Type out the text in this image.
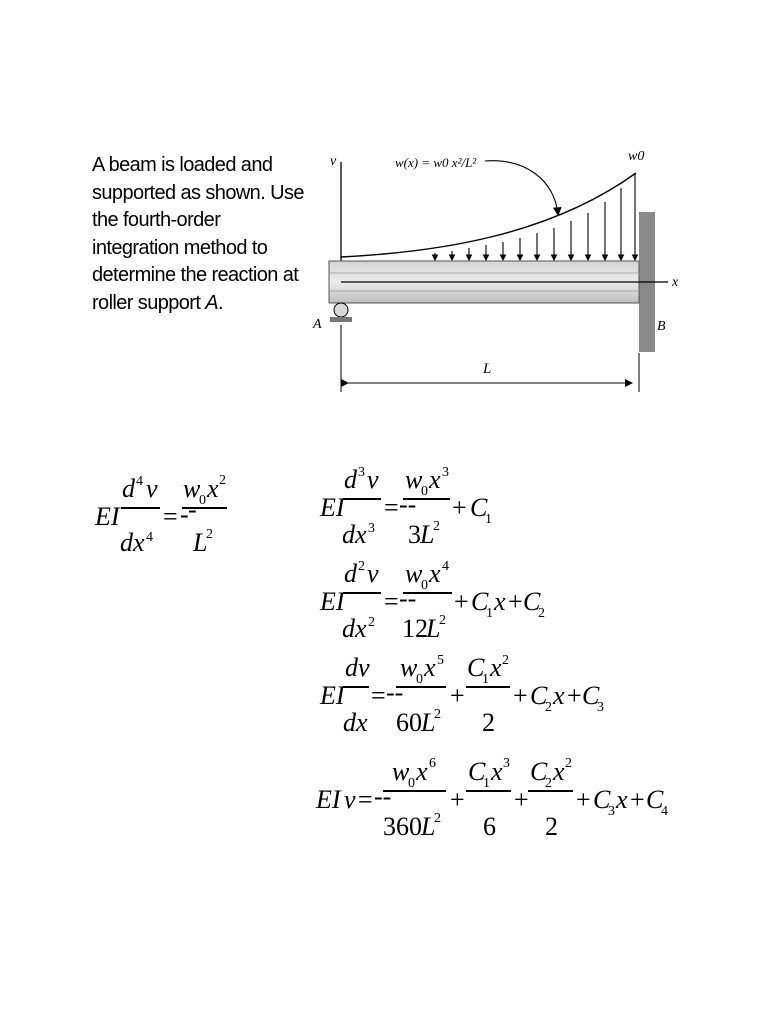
A beam is loaded and supported as shown. Use the fourth-order integration method to determine the reaction at roller support A.

v	w(x) = w0 x²/L²	w0
B
x
A
L
EI
d 4 v
dx 4
= - -
w
0 x 2
L
2
EI
d 3 v
dx 3
= --
w
0 x 3
3 L
2
+ C
1
EI
d 2 v
dx 2
= --
w
0 x 4
12
L
2
+ C
1 x + C
2
EI
dv
dx
= --
w
0 x 5
60 L
2
+
C
1 x 2
2
+ C
2 x + C
3
EI v = --
w
0 x 6
360 L
2
+
C
1 x 3
6
+
C
2 x 2
2
+ C
3 x + C
4
